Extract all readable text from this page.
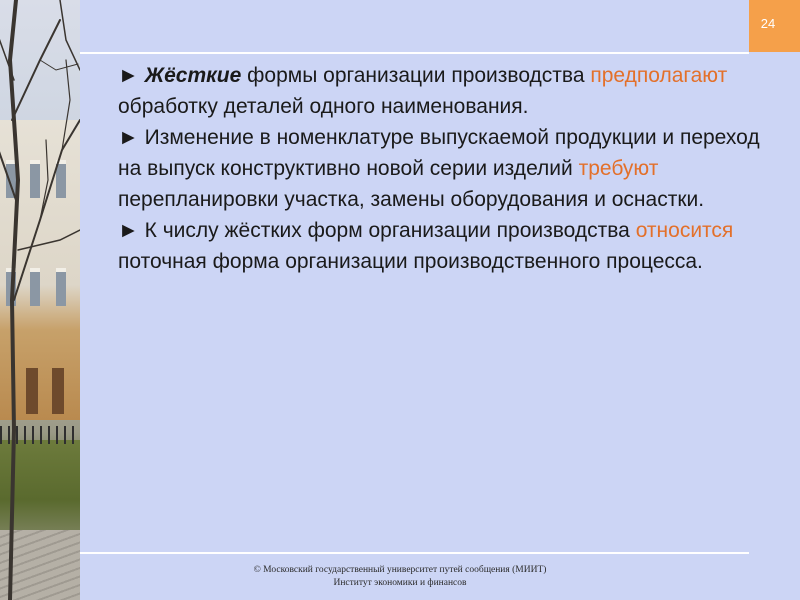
24

► Жёсткие формы организации производства предполагают обработку деталей одного наименования.

► Изменение в номенклатуре выпускаемой продукции и переход на выпуск конструктивно новой серии изделий требуют перепланировки участка, замены оборудования и оснастки.

► К числу жёстких форм организации производства относится поточная форма организации производственного процесса.

© Московский государственный университет путей сообщения (МИИТ)
Институт экономики и финансов
